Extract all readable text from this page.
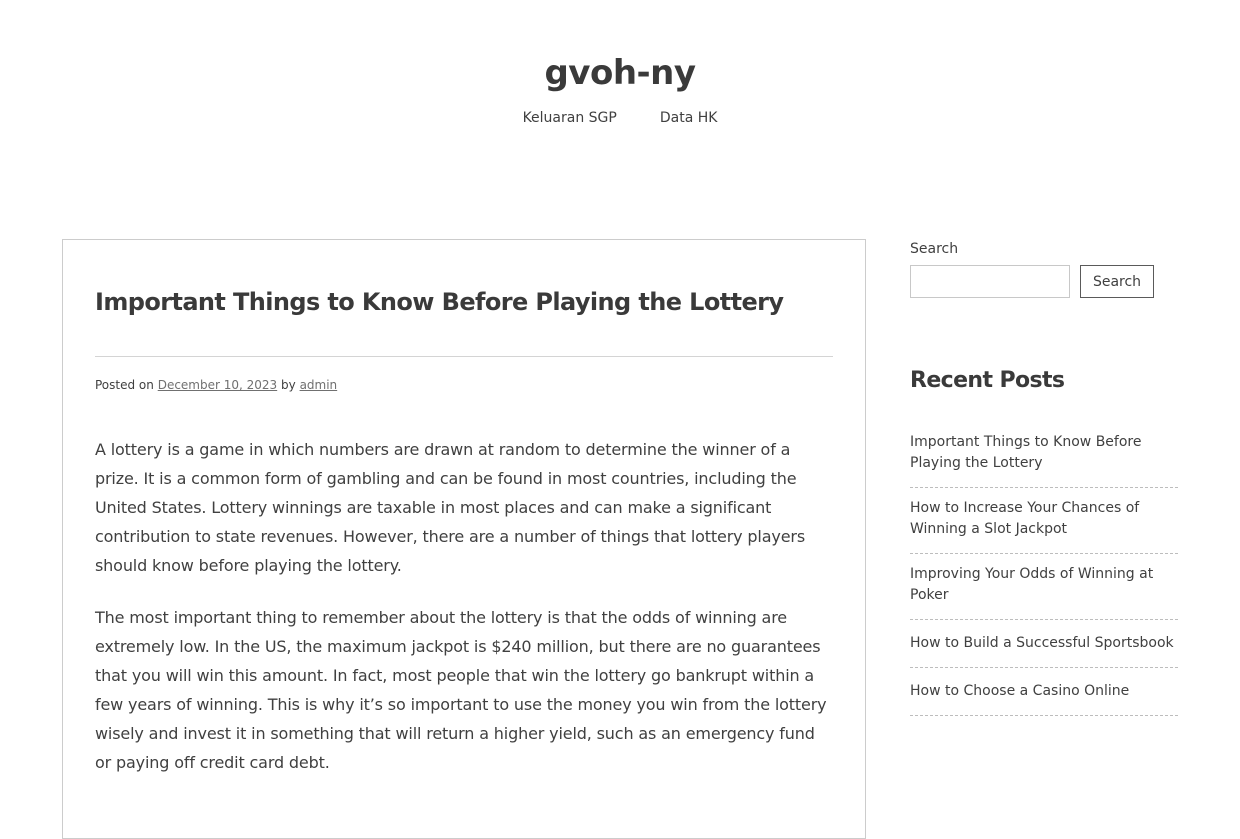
gvoh-ny
Keluaran SGP	Data HK
Important Things to Know Before Playing the Lottery
Posted on December 10, 2023 by admin

A lottery is a game in which numbers are drawn at random to determine the winner of a prize. It is a common form of gambling and can be found in most countries, including the United States. Lottery winnings are taxable in most places and can make a significant contribution to state revenues. However, there are a number of things that lottery players should know before playing the lottery.

The most important thing to remember about the lottery is that the odds of winning are extremely low. In the US, the maximum jackpot is $240 million, but there are no guarantees that you will win this amount. In fact, most people that win the lottery go bankrupt within a few years of winning. This is why it’s so important to use the money you win from the lottery wisely and invest it in something that will return a higher yield, such as an emergency fund or paying off credit card debt.

Search
Search
Recent Posts
Important Things to Know Before Playing the Lottery
How to Increase Your Chances of Winning a Slot Jackpot
Improving Your Odds of Winning at Poker
How to Build a Successful Sportsbook
How to Choose a Casino Online
